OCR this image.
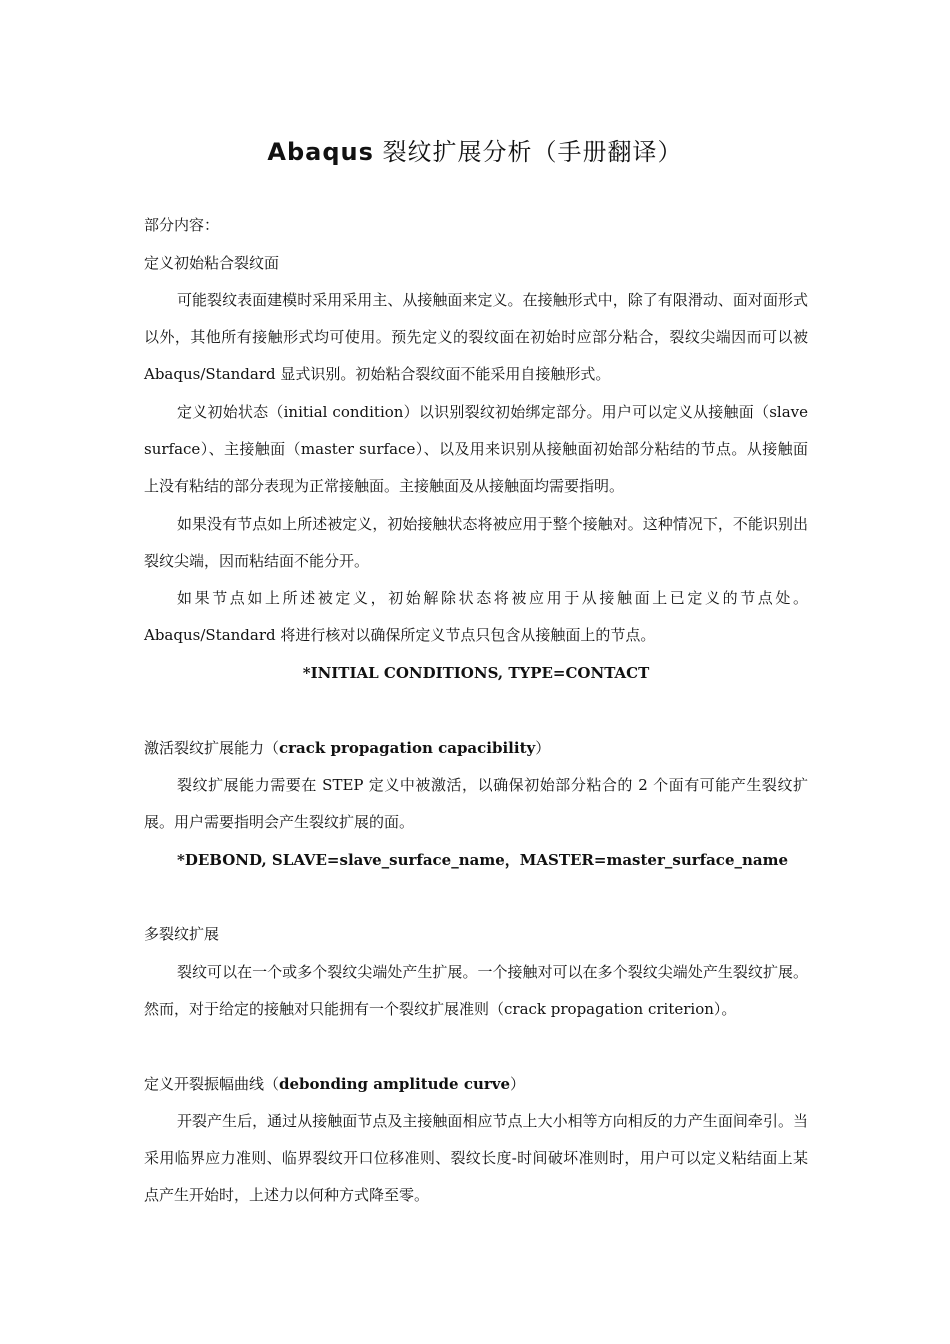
Abaqus 裂纹扩展分析（手册翻译）
部分内容：
定义初始粘合裂纹面
可能裂纹表面建模时采用采用主、从接触面来定义。在接触形式中，除了有限滑动、面对面形式以外，其他所有接触形式均可使用。预先定义的裂纹面在初始时应部分粘合，裂纹尖端因而可以被 Abaqus/Standard 显式识别。初始粘合裂纹面不能采用自接触形式。
定义初始状态（initial condition）以识别裂纹初始绑定部分。用户可以定义从接触面（slave surface）、主接触面（master surface）、以及用来识别从接触面初始部分粘结的节点。从接触面上没有粘结的部分表现为正常接触面。主接触面及从接触面均需要指明。
如果没有节点如上所述被定义，初始接触状态将被应用于整个接触对。这种情况下，不能识别出裂纹尖端，因而粘结面不能分开。
如果节点如上所述被定义，初始解除状态将被应用于从接触面上已定义的节点处。Abaqus/Standard 将进行核对以确保所定义节点只包含从接触面上的节点。
*INITIAL CONDITIONS, TYPE=CONTACT
激活裂纹扩展能力（crack propagation capacibility）
裂纹扩展能力需要在 STEP 定义中被激活，以确保初始部分粘合的 2 个面有可能产生裂纹扩展。用户需要指明会产生裂纹扩展的面。
*DEBOND, SLAVE=slave_surface_name，MASTER=master_surface_name
多裂纹扩展
裂纹可以在一个或多个裂纹尖端处产生扩展。一个接触对可以在多个裂纹尖端处产生裂纹扩展。然而，对于给定的接触对只能拥有一个裂纹扩展准则（crack propagation criterion）。
定义开裂振幅曲线（debonding amplitude curve）
开裂产生后，通过从接触面节点及主接触面相应节点上大小相等方向相反的力产生面间牵引。当采用临界应力准则、临界裂纹开口位移准则、裂纹长度-时间破坏准则时，用户可以定义粘结面上某点产生开始时，上述力以何种方式降至零。
